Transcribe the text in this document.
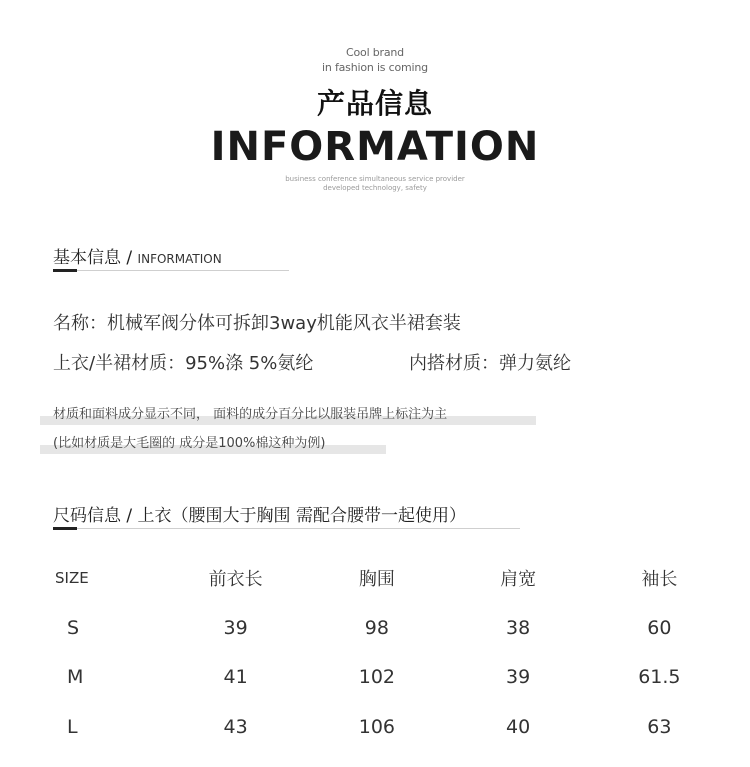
Cool brand
in fashion is coming
产品信息
INFORMATION
business conference simultaneous service provider
developed technology, safety
基本信息 / INFORMATION
名称：机械军阀分体可拆卸3way机能风衣半裙套装
上衣/半裙材质：95%涤 5%氨纶	内搭材质：弹力氨纶
材质和面料成分显示不同， 面料的成分百分比以服装吊牌上标注为主
(比如材质是大毛圈的 成分是100%棉这种为例)
尺码信息 / 上衣（腰围大于胸围 需配合腰带一起使用）
SIZE	前衣长	胸围	肩宽	袖长
S	39	98	38	60
M	41	102	39	61.5
L	43	106	40	63
